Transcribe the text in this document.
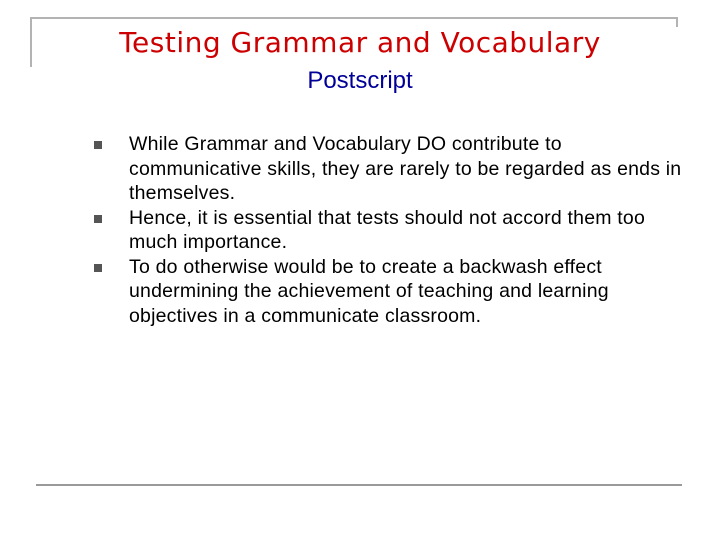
Testing Grammar and Vocabulary
Postscript
While Grammar and Vocabulary DO contribute to communicative skills, they are rarely to be regarded as ends in themselves.
Hence, it is essential that tests should not accord them too much importance.
To do otherwise would be to create a backwash effect undermining the achievement of teaching and learning objectives in a communicate classroom.
